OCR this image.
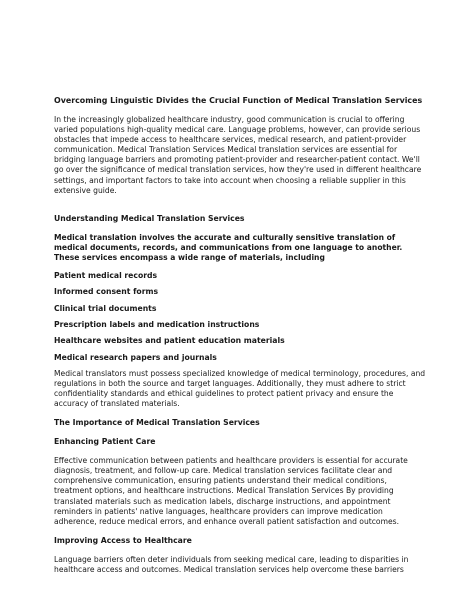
Overcoming Linguistic Divides the Crucial Function of Medical Translation Services

In the increasingly globalized healthcare industry, good communication is crucial to offering varied populations high-quality medical care. Language problems, however, can provide serious obstacles that impede access to healthcare services, medical research, and patient-provider communication. Medical Translation Services Medical translation services are essential for bridging language barriers and promoting patient-provider and researcher-patient contact. We'll go over the significance of medical translation services, how they're used in different healthcare settings, and important factors to take into account when choosing a reliable supplier in this extensive guide.

Understanding Medical Translation Services
Medical translation involves the accurate and culturally sensitive translation of medical documents, records, and communications from one language to another. These services encompass a wide range of materials, including
Patient medical records
Informed consent forms
Clinical trial documents
Prescription labels and medication instructions
Healthcare websites and patient education materials
Medical research papers and journals

Medical translators must possess specialized knowledge of medical terminology, procedures, and regulations in both the source and target languages. Additionally, they must adhere to strict confidentiality standards and ethical guidelines to protect patient privacy and ensure the accuracy of translated materials.

The Importance of Medical Translation Services
Enhancing Patient Care

Effective communication between patients and healthcare providers is essential for accurate diagnosis, treatment, and follow-up care. Medical translation services facilitate clear and comprehensive communication, ensuring patients understand their medical conditions, treatment options, and healthcare instructions. Medical Translation Services By providing translated materials such as medication labels, discharge instructions, and appointment reminders in patients' native languages, healthcare providers can improve medication adherence, reduce medical errors, and enhance overall patient satisfaction and outcomes.

Improving Access to Healthcare

Language barriers often deter individuals from seeking medical care, leading to disparities in healthcare access and outcomes. Medical translation services help overcome these barriers
